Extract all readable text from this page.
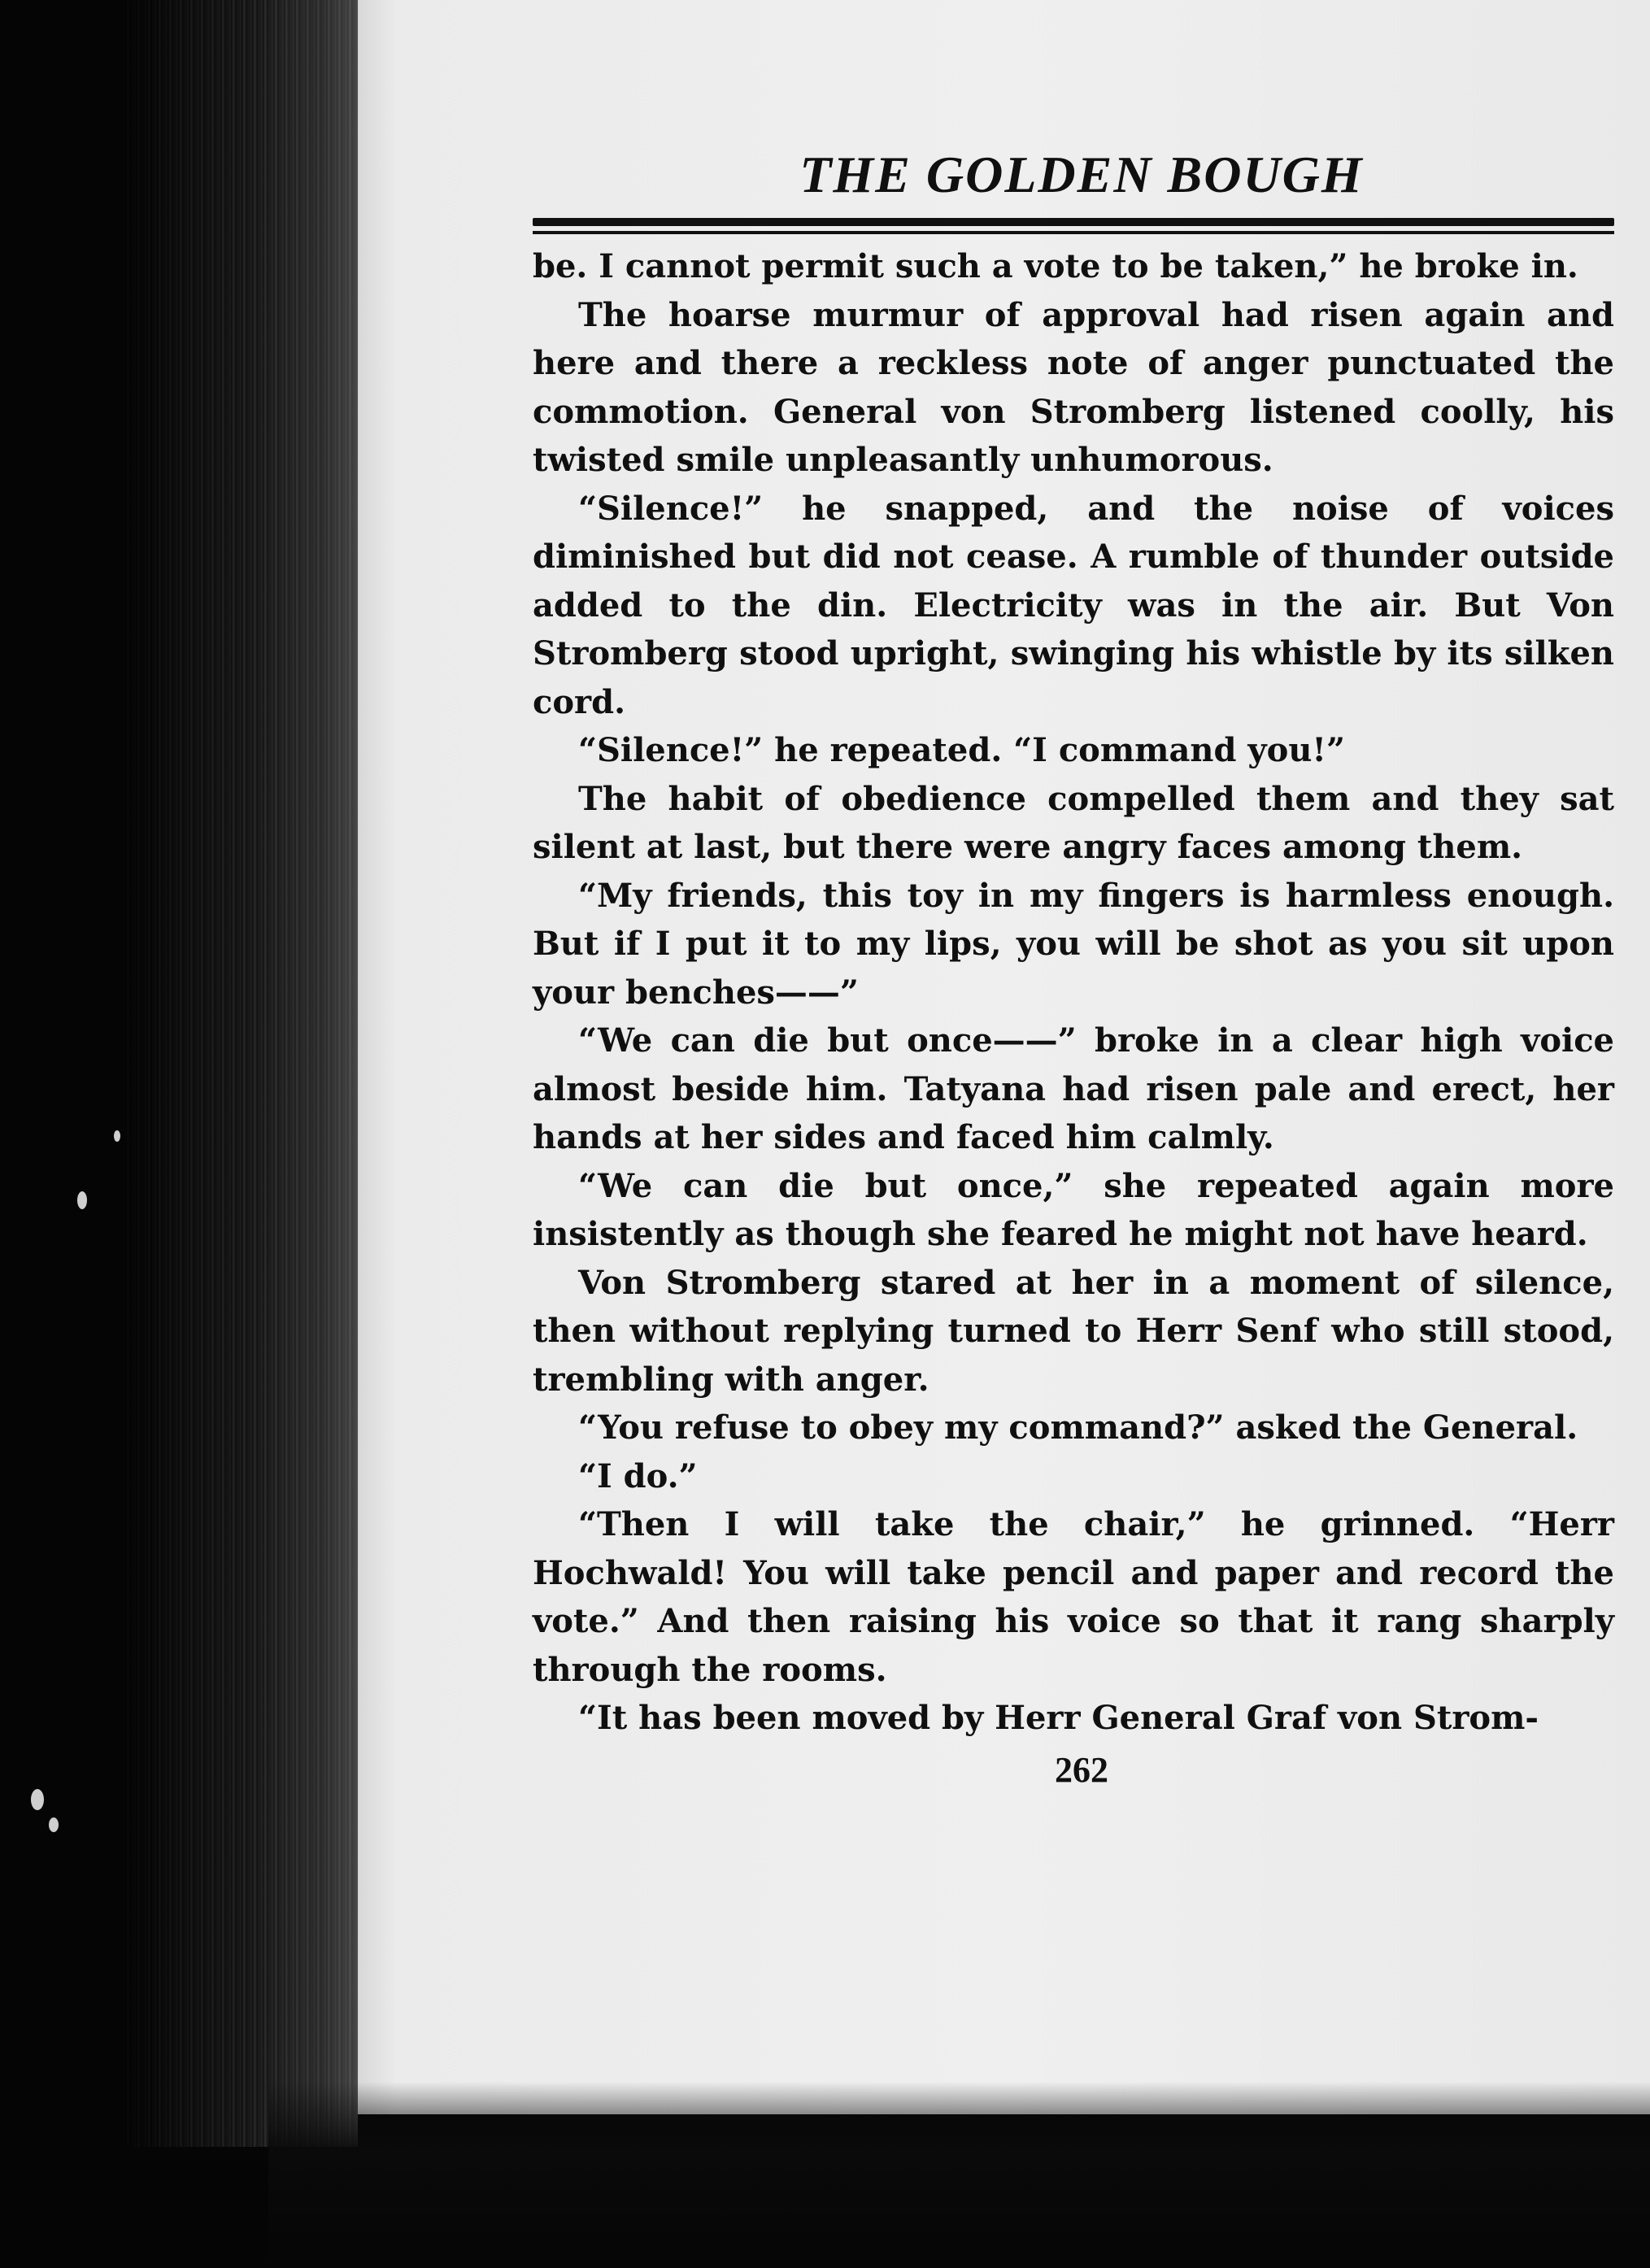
THE GOLDEN BOUGH

be. I cannot permit such a vote to be taken,” he broke in.

The hoarse murmur of approval had risen again and here and there a reckless note of anger punctuated the commotion. General von Stromberg listened coolly, his twisted smile unpleasantly unhumorous.

“Silence!” he snapped, and the noise of voices diminished but did not cease. A rumble of thunder outside added to the din. Electricity was in the air. But Von Stromberg stood upright, swinging his whistle by its silken cord.

“Silence!” he repeated. “I command you!”

The habit of obedience compelled them and they sat silent at last, but there were angry faces among them.

“My friends, this toy in my fingers is harmless enough. But if I put it to my lips, you will be shot as you sit upon your benches——”

“We can die but once——” broke in a clear high voice almost beside him. Tatyana had risen pale and erect, her hands at her sides and faced him calmly.

“We can die but once,” she repeated again more insistently as though she feared he might not have heard.

Von Stromberg stared at her in a moment of silence, then without replying turned to Herr Senf who still stood, trembling with anger.

“You refuse to obey my command?” asked the General.

“I do.”

“Then I will take the chair,” he grinned. “Herr Hochwald! You will take pencil and paper and record the vote.” And then raising his voice so that it rang sharply through the rooms.

“It has been moved by Herr General Graf von Strom-

262
